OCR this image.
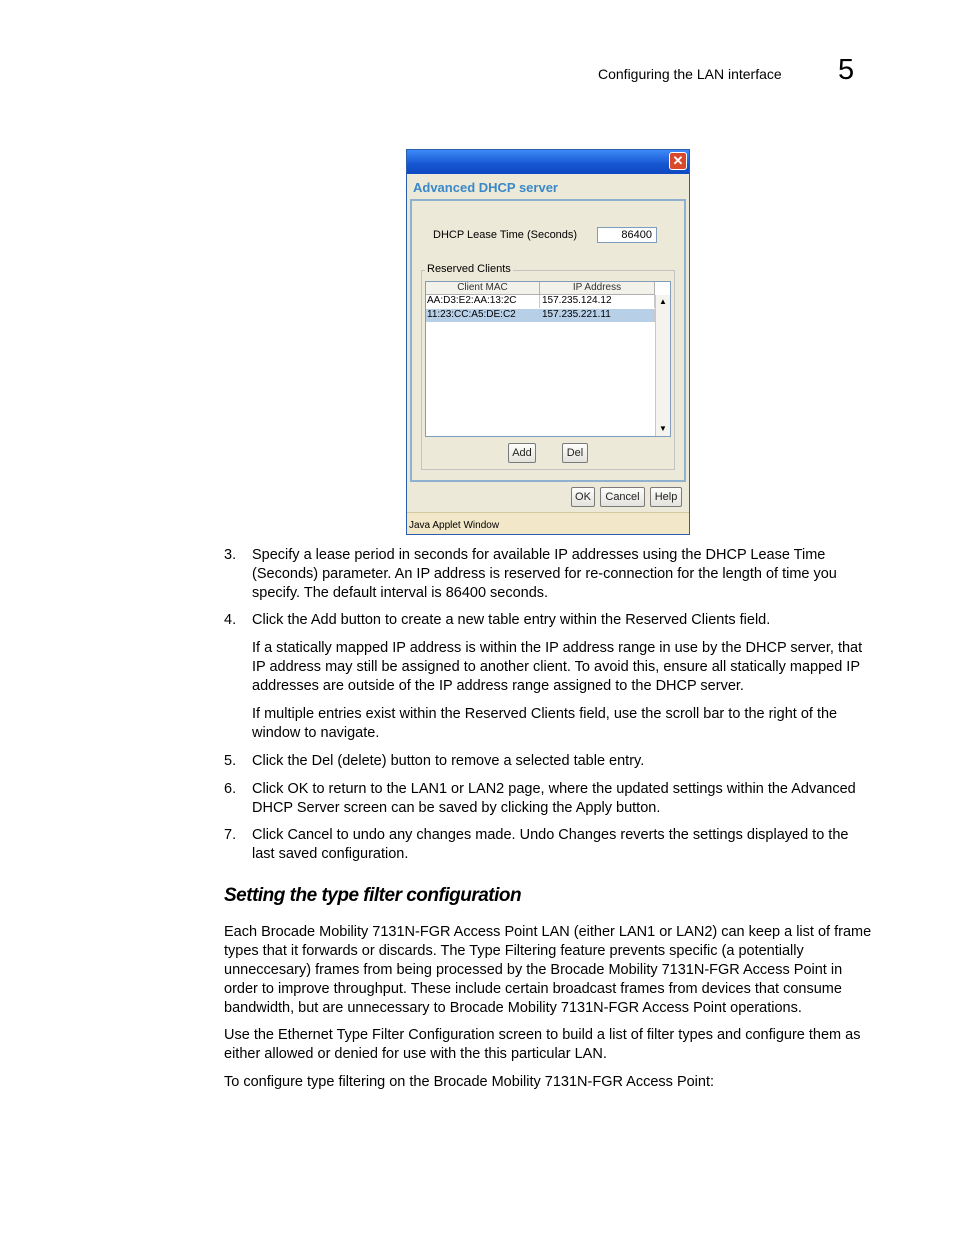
Configuring the LAN interface 5
✕
Advanced DHCP server
DHCP Lease Time (Seconds)	86400
Reserved Clients
Client MAC	IP Address
AA:D3:E2:AA:13:2C	157.235.124.12
11:23:CC:A5:DE:C2	157.235.221.11
▲
▼
Add	Del
OK	Cancel	Help
Java Applet Window
3. Specify a lease period in seconds for available IP addresses using the DHCP Lease Time
(Seconds) parameter. An IP address is reserved for re-connection for the length of time you
specify. The default interval is 86400 seconds.
4. Click the Add button to create a new table entry within the Reserved Clients field.
If a statically mapped IP address is within the IP address range in use by the DHCP server, that
IP address may still be assigned to another client. To avoid this, ensure all statically mapped IP
addresses are outside of the IP address range assigned to the DHCP server.
If multiple entries exist within the Reserved Clients field, use the scroll bar to the right of the
window to navigate.
5. Click the Del (delete) button to remove a selected table entry.
6. Click OK to return to the LAN1 or LAN2 page, where the updated settings within the Advanced
DHCP Server screen can be saved by clicking the Apply button.
7. Click Cancel to undo any changes made. Undo Changes reverts the settings displayed to the
last saved configuration.
Setting the type filter configuration
Each Brocade Mobility 7131N-FGR Access Point LAN (either LAN1 or LAN2) can keep a list of frame
types that it forwards or discards. The Type Filtering feature prevents specific (a potentially
unneccesary) frames from being processed by the Brocade Mobility 7131N-FGR Access Point in
order to improve throughput. These include certain broadcast frames from devices that consume
bandwidth, but are unnecessary to Brocade Mobility 7131N-FGR Access Point operations.
Use the Ethernet Type Filter Configuration screen to build a list of filter types and configure them as
either allowed or denied for use with the this particular LAN.
To configure type filtering on the Brocade Mobility 7131N-FGR Access Point:
